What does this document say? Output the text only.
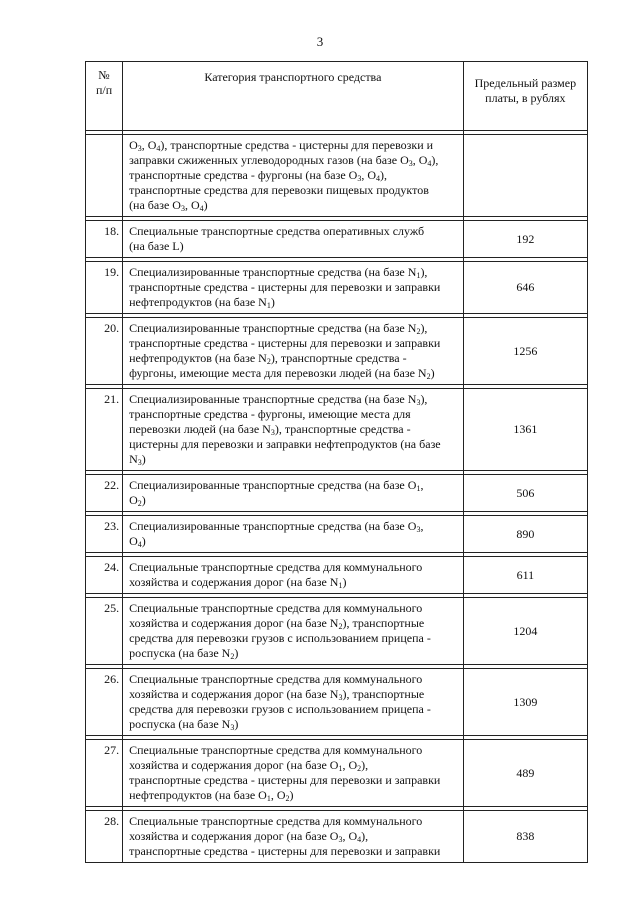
3
№
п/п	Категория транспортного средства	Предельный размер
платы, в рублях

	$O_3$, $O_4$), транспортные средства - цистерны для перевозки и
заправки сжиженных углеводородных газов (на базе $O_3$, $O_4$),
транспортные средства - фургоны (на базе $O_3$, $O_4$),
транспортные средства для перевозки пищевых продуктов
(на базе $O_3$, $O_4$)	

18.	Специальные транспортные средства оперативных служб
(на базе L)	192

19.	Специализированные транспортные средства (на базе $N_1$),
транспортные средства - цистерны для перевозки и заправки
нефтепродуктов (на базе $N_1$)	646

20.	Специализированные транспортные средства (на базе $N_2$),
транспортные средства - цистерны для перевозки и заправки
нефтепродуктов (на базе $N_2$), транспортные средства -
фургоны, имеющие места для перевозки людей (на базе $N_2$)	1256

21.	Специализированные транспортные средства (на базе $N_3$),
транспортные средства - фургоны, имеющие места для
перевозки людей (на базе $N_3$), транспортные средства -
цистерны для перевозки и заправки нефтепродуктов (на базе
$N_3$)	1361

22.	Специализированные транспортные средства (на базе $O_1$,
$O_2$)	506

23.	Специализированные транспортные средства (на базе $O_3$,
$O_4$)	890

24.	Специальные транспортные средства для коммунального
хозяйства и содержания дорог (на базе $N_1$)	611

25.	Специальные транспортные средства для коммунального
хозяйства и содержания дорог (на базе $N_2$), транспортные
средства для перевозки грузов с использованием прицепа -
роспуска (на базе $N_2$)	1204

26.	Специальные транспортные средства для коммунального
хозяйства и содержания дорог (на базе $N_3$), транспортные
средства для перевозки грузов с использованием прицепа -
роспуска (на базе $N_3$)	1309

27.	Специальные транспортные средства для коммунального
хозяйства и содержания дорог (на базе $O_1$, $O_2$),
транспортные средства - цистерны для перевозки и заправки
нефтепродуктов (на базе $O_1$, $O_2$)	489

28.	Специальные транспортные средства для коммунального
хозяйства и содержания дорог (на базе $O_3$, $O_4$),
транспортные средства - цистерны для перевозки и заправки	838
